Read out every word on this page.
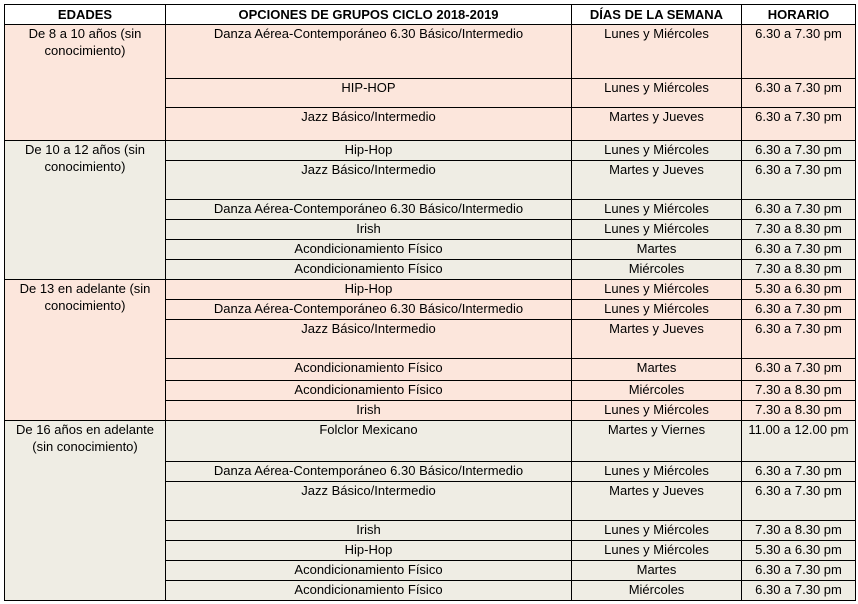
EDADES	OPCIONES DE GRUPOS CICLO 2018-2019	DÍAS DE LA SEMANA	HORARIO
De 8 a 10 años (sin conocimiento)	Danza Aérea-Contemporáneo 6.30 Básico/Intermedio	Lunes y Miércoles	6.30 a 7.30 pm
	HIP-HOP	Lunes y Miércoles	6.30 a 7.30 pm
	Jazz Básico/Intermedio	Martes y Jueves	6.30 a 7.30 pm
De 10 a 12 años (sin conocimiento)	Hip-Hop	Lunes y Miércoles	6.30 a 7.30 pm
	Jazz Básico/Intermedio	Martes y Jueves	6.30 a 7.30 pm
	Danza Aérea-Contemporáneo 6.30 Básico/Intermedio	Lunes y Miércoles	6.30 a 7.30 pm
	Irish	Lunes y Miércoles	7.30 a 8.30 pm
	Acondicionamiento Físico	Martes	6.30 a 7.30 pm
	Acondicionamiento Físico	Miércoles	7.30 a 8.30 pm
De 13 en adelante (sin conocimiento)	Hip-Hop	Lunes y Miércoles	5.30 a 6.30 pm
	Danza Aérea-Contemporáneo 6.30 Básico/Intermedio	Lunes y Miércoles	6.30 a 7.30 pm
	Jazz Básico/Intermedio	Martes y Jueves	6.30 a 7.30 pm
	Acondicionamiento Físico	Martes	6.30 a 7.30 pm
	Acondicionamiento Físico	Miércoles	7.30 a 8.30 pm
	Irish	Lunes y Miércoles	7.30 a 8.30 pm
De 16 años en adelante (sin conocimiento)	Folclor Mexicano	Martes y Viernes	11.00 a 12.00 pm
	Danza Aérea-Contemporáneo 6.30 Básico/Intermedio	Lunes y Miércoles	6.30 a 7.30 pm
	Jazz Básico/Intermedio	Martes y Jueves	6.30 a 7.30 pm
	Irish	Lunes y Miércoles	7.30 a 8.30 pm
	Hip-Hop	Lunes y Miércoles	5.30 a 6.30 pm
	Acondicionamiento Físico	Martes	6.30 a 7.30 pm
	Acondicionamiento Físico	Miércoles	6.30 a 7.30 pm
